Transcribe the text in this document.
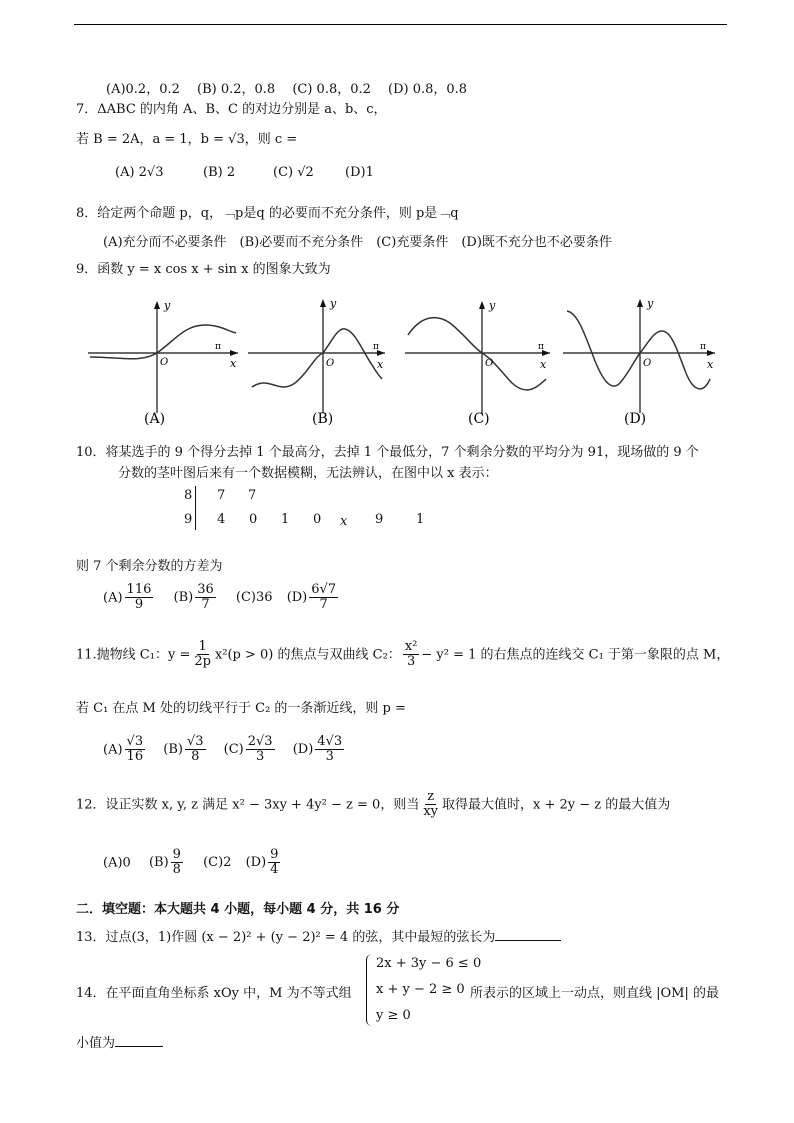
(A)0.2，0.2　 (B) 0.2，0.8　 (C) 0.8，0.2　 (D) 0.8，0.8
7．ΔABC 的内角 A、B、C 的对边分别是 a、b、c，
若 B = 2A，a = 1，b = √3，则 c =
(A) 2√3	(B) 2	(C) √2 (D)1
8．给定两个命题 p，q，﹁p是q 的必要而不充分条件，则 p是﹁q
(A)充分而不必要条件　(B)必要而不充分条件　(C)充要条件　(D)既不充分也不必要条件
9．函数 y = x cos x + sin x 的图象大致为
y
x
O
π
(A)
y
x
O
π
(B)
y
x
O
π
(C)
y
x
O
π
(D)
10．将某选手的 9 个得分去掉 1 个最高分，去掉 1 个最低分，7 个剩余分数的平均分为 91，现场做的 9 个
分数的茎叶图后来有一个数据模糊，无法辨认，在图中以 x 表示：
8 7 7
9 4 0 1 0 x 9	1
则 7 个剩余分数的方差为
$(A) \frac{116}{9} (B) \frac{36}{7} (C)36$ $(D) \frac{6√7}{7}$
11.抛物线 C₁：$y = \frac{1}{2p} x^2(p > 0)$ 的焦点与双曲线 C₂： $\frac{\text{x²}}{3} - y^2 = 1$ 的右焦点的连线交 C₁ 于第一象限的点 M，
若 C₁ 在点 M 处的切线平行于 C₂ 的一条渐近线，则 p =
$(A) \frac{√3}{16} (B) \frac{√3}{8} (C) \frac{2√3}{3} (D) \frac{4√3}{3}$
12．设正实数 x, y, z 满足 x² − 3xy + 4y² − z = 0，则当 $\frac{z}{xy}$ 取得最大值时，x + 2y − z 的最大值为
(A)0 $(B) \frac{9}{8} (C)2$ $(D) \frac{9}{4}$
二．填空题：本大题共 4 小题，每小题 4 分，共 16 分
13．过点(3，1)作圆 (x − 2)² + (y − 2)² = 4 的弦，其中最短的弦长为
14．在平面直角坐标系 xOy 中，M 为不等式组
2x + 3y − 6 ≤ 0
x + y − 2 ≥ 0
y ≥ 0
所表示的区域上一动点，则直线 |OM| 的最
小值为
